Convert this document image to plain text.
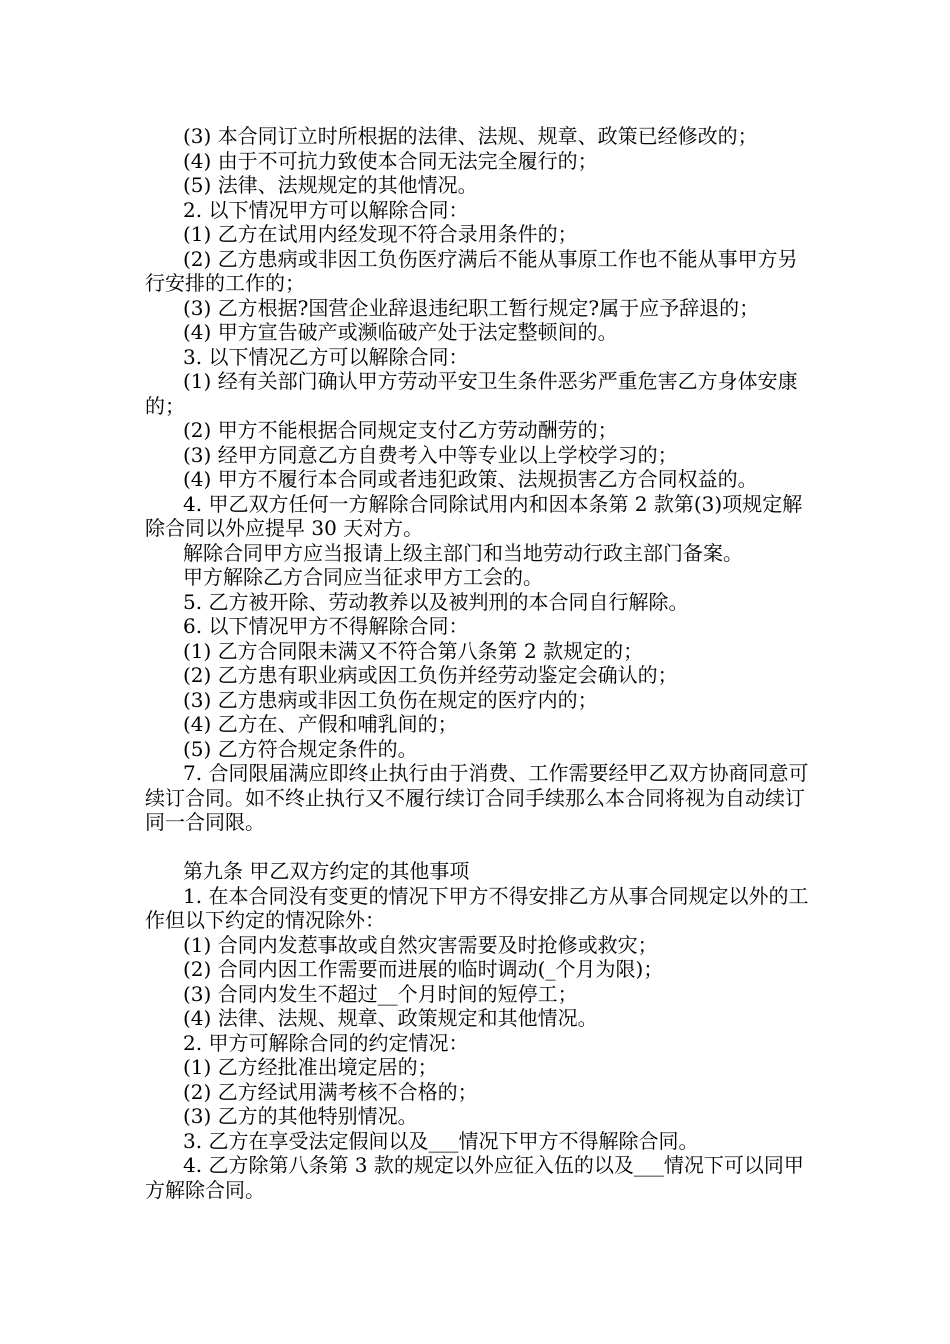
(3) 本合同订立时所根据的法律、法规、规章、政策已经修改的；

(4) 由于不可抗力致使本合同无法完全履行的；

(5) 法律、法规规定的其他情况。

2. 以下情况甲方可以解除合同：

(1) 乙方在试用内经发现不符合录用条件的；

(2) 乙方患病或非因工负伤医疗满后不能从事原工作也不能从事甲方另行安排的工作的；

(3) 乙方根据?国营企业辞退违纪职工暂行规定?属于应予辞退的；

(4) 甲方宣告破产或濒临破产处于法定整顿间的。

3. 以下情况乙方可以解除合同：

(1) 经有关部门确认甲方劳动平安卫生条件恶劣严重危害乙方身体安康的；

(2) 甲方不能根据合同规定支付乙方劳动酬劳的；

(3) 经甲方同意乙方自费考入中等专业以上学校学习的；

(4) 甲方不履行本合同或者违犯政策、法规损害乙方合同权益的。

4. 甲乙双方任何一方解除合同除试用内和因本条第 2 款第(3)项规定解除合同以外应提早 30 天对方。

解除合同甲方应当报请上级主部门和当地劳动行政主部门备案。

甲方解除乙方合同应当征求甲方工会的。

5. 乙方被开除、劳动教养以及被判刑的本合同自行解除。

6. 以下情况甲方不得解除合同：

(1) 乙方合同限未满又不符合第八条第 2 款规定的；

(2) 乙方患有职业病或因工负伤并经劳动鉴定会确认的；

(3) 乙方患病或非因工负伤在规定的医疗内的；

(4) 乙方在、产假和哺乳间的；

(5) 乙方符合规定条件的。

7. 合同限届满应即终止执行由于消费、工作需要经甲乙双方协商同意可续订合同。如不终止执行又不履行续订合同手续那么本合同将视为自动续订同一合同限。

第九条 甲乙双方约定的其他事项

1. 在本合同没有变更的情况下甲方不得安排乙方从事合同规定以外的工作但以下约定的情况除外：

(1) 合同内发惹事故或自然灾害需要及时抢修或救灾；

(2) 合同内因工作需要而进展的临时调动(_个月为限)；

(3) 合同内发生不超过__个月时间的短停工；

(4) 法律、法规、规章、政策规定和其他情况。

2. 甲方可解除合同的约定情况：

(1) 乙方经批准出境定居的；

(2) 乙方经试用满考核不合格的；

(3) 乙方的其他特别情况。

3. 乙方在享受法定假间以及___情况下甲方不得解除合同。

4. 乙方除第八条第 3 款的规定以外应征入伍的以及___情况下可以同甲方解除合同。
